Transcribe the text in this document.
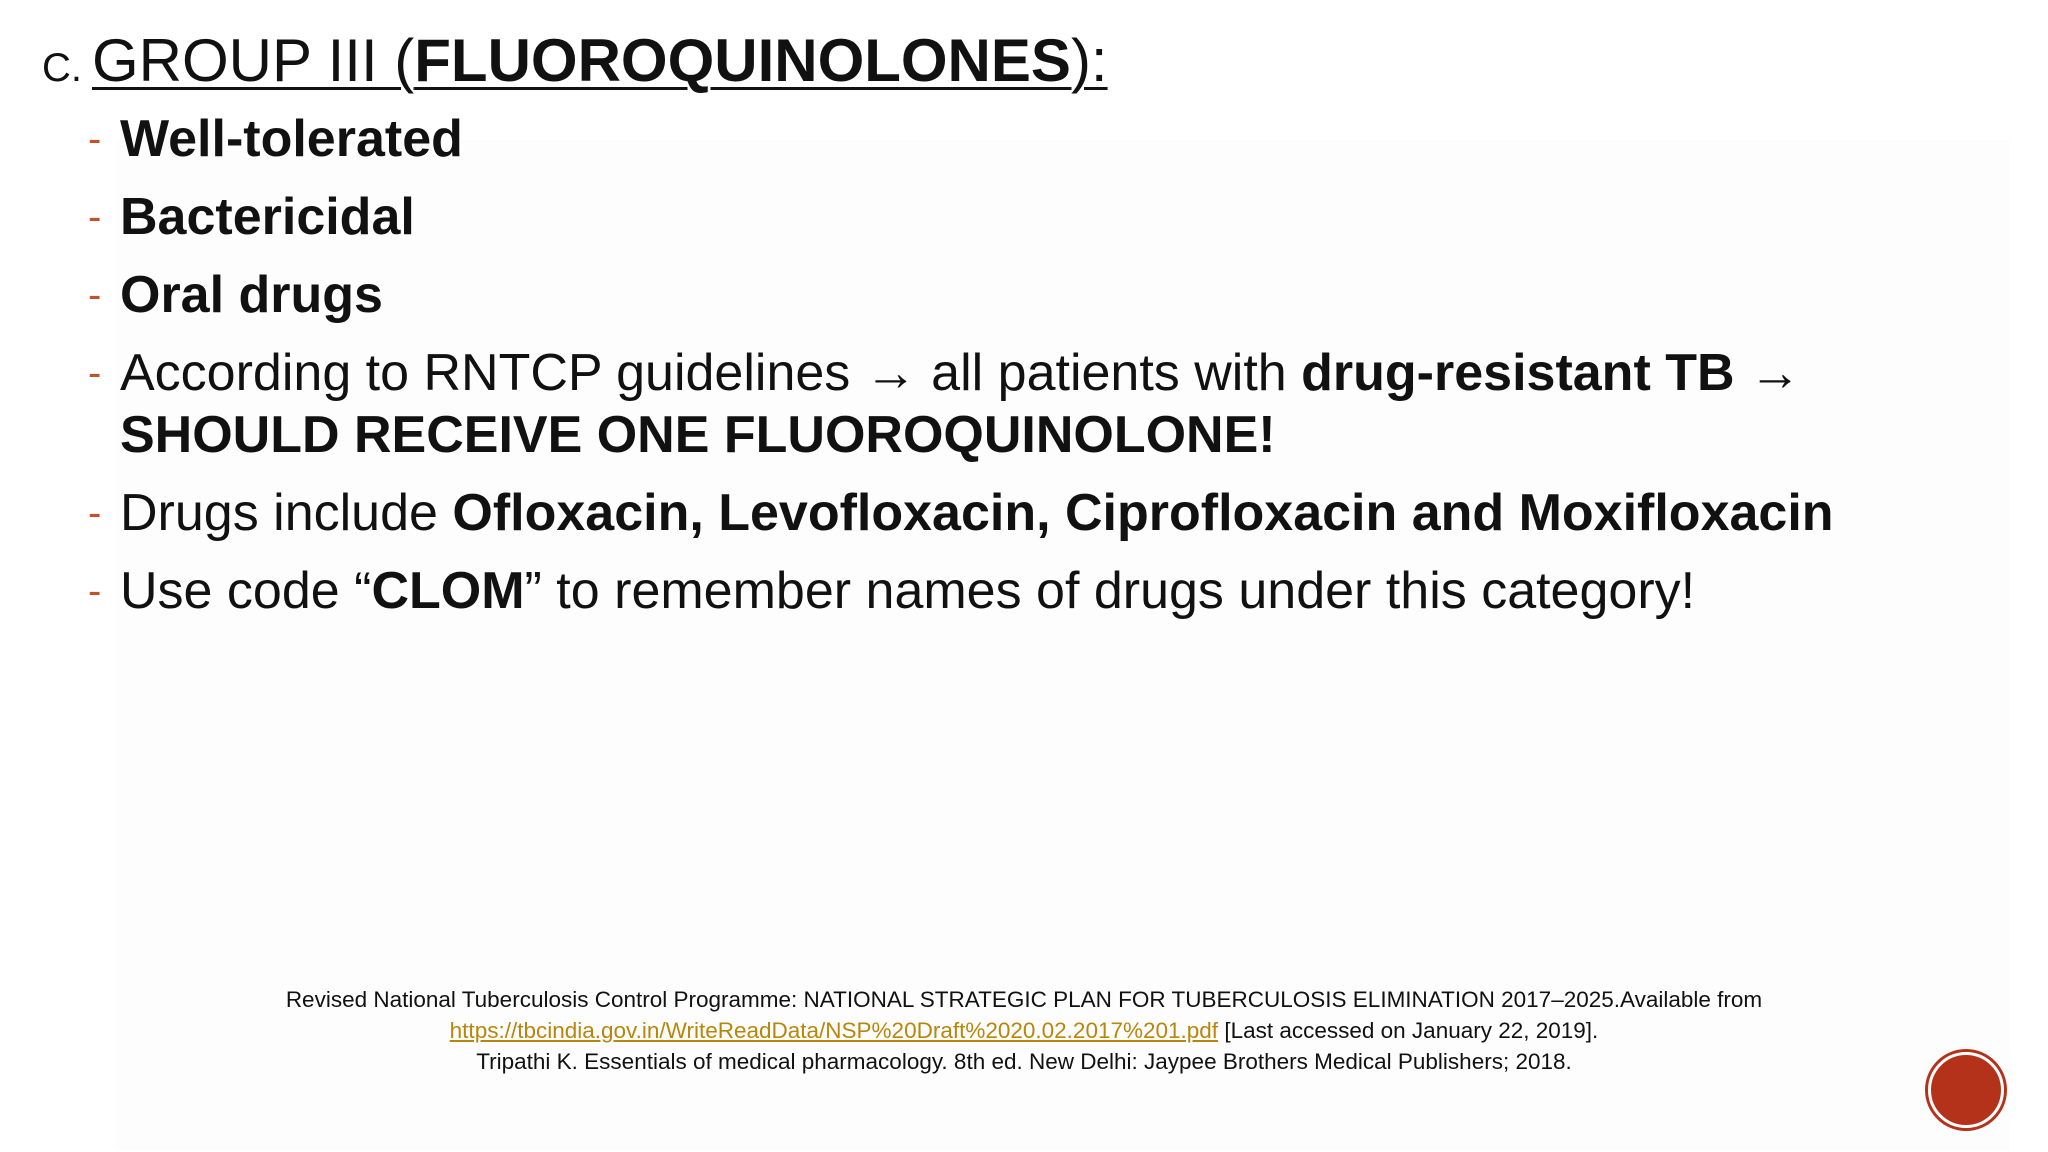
C. GROUP III (FLUOROQUINOLONES):
- Well-tolerated
- Bactericidal
- Oral drugs
- According to RNTCP guidelines → all patients with drug-resistant TB →
SHOULD RECEIVE ONE FLUOROQUINOLONE!
- Drugs include Ofloxacin, Levofloxacin, Ciprofloxacin and Moxifloxacin
- Use code “CLOM” to remember names of drugs under this category!
Revised National Tuberculosis Control Programme: NATIONAL STRATEGIC PLAN FOR TUBERCULOSIS ELIMINATION 2017–2025.Available from
https://tbcindia.gov.in/WriteReadData/NSP%20Draft%2020.02.2017%201.pdf [Last accessed on January 22, 2019].
Tripathi K. Essentials of medical pharmacology. 8th ed. New Delhi: Jaypee Brothers Medical Publishers; 2018.
